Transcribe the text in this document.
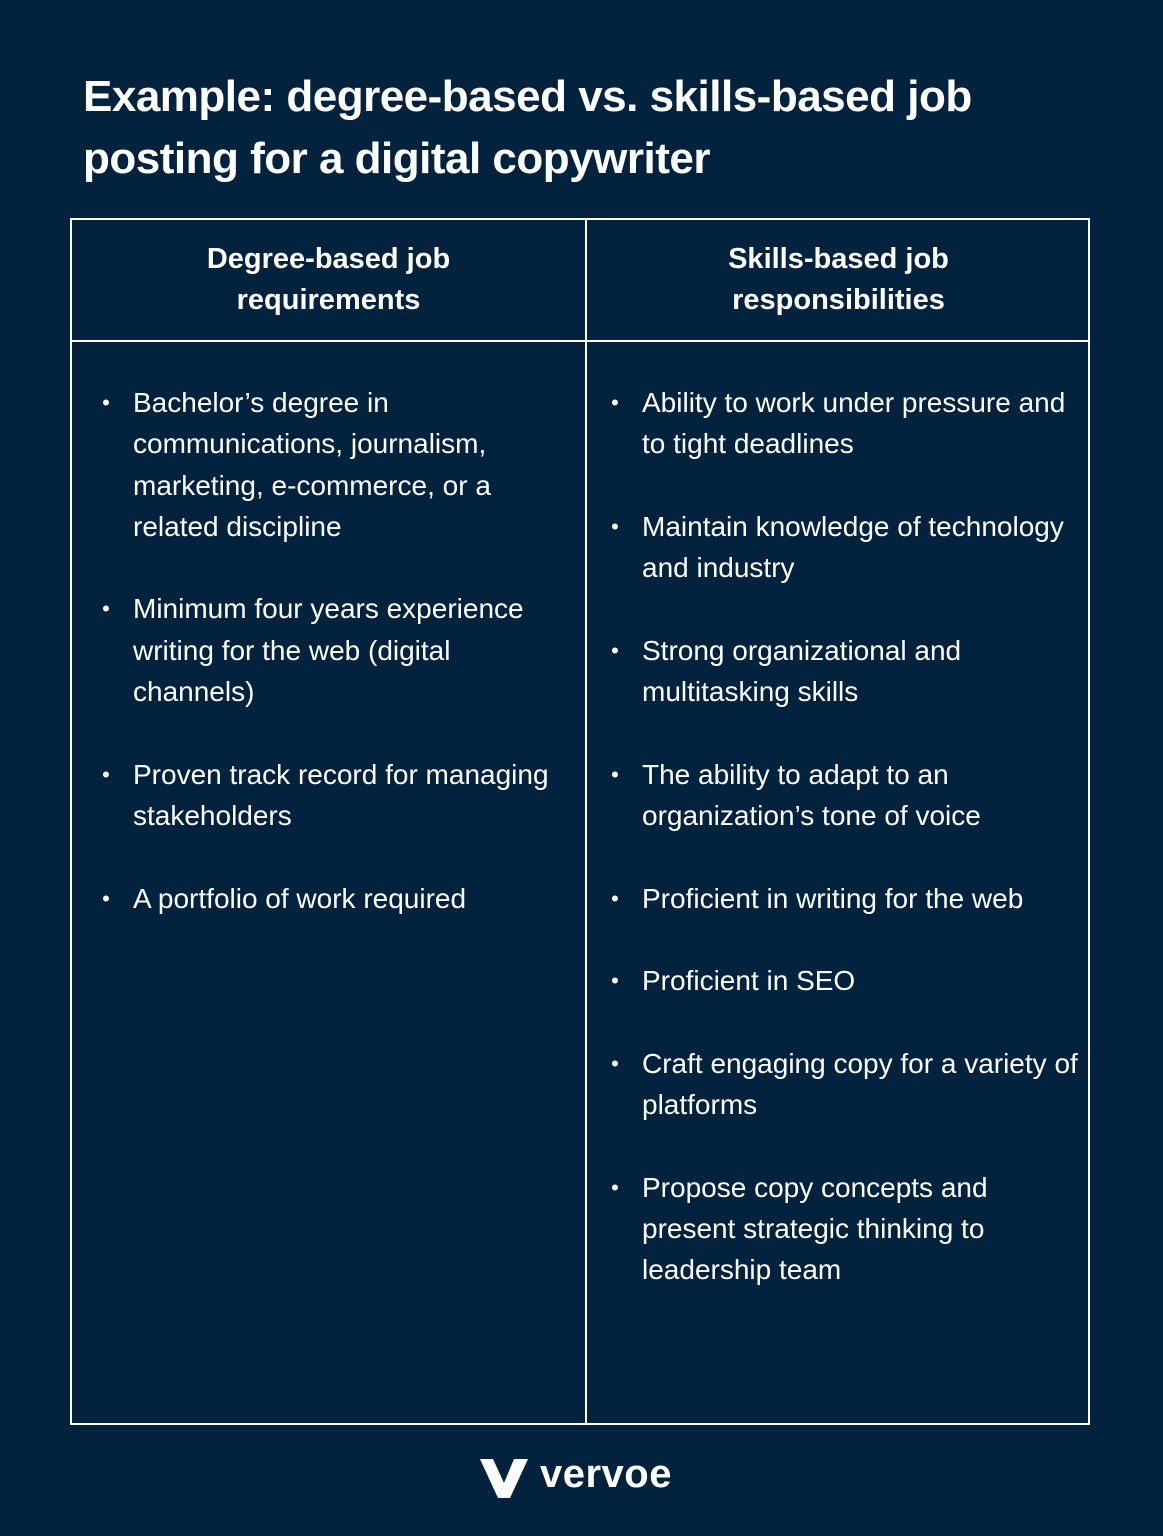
Example: degree-based vs. skills-based job posting for a digital copywriter
Degree-based job requirements
Skills-based job responsibilities
• Bachelor’s degree in communications, journalism, marketing, e-commerce, or a related discipline
• Minimum four years experience writing for the web (digital channels)
• Proven track record for managing stakeholders
• A portfolio of work required
• Ability to work under pressure and to tight deadlines
• Maintain knowledge of technology and industry
• Strong organizational and multitasking skills
• The ability to adapt to an organization’s tone of voice
• Proficient in writing for the web
• Proficient in SEO
• Craft engaging copy for a variety of platforms
• Propose copy concepts and present strategic thinking to leadership team
vervoe
